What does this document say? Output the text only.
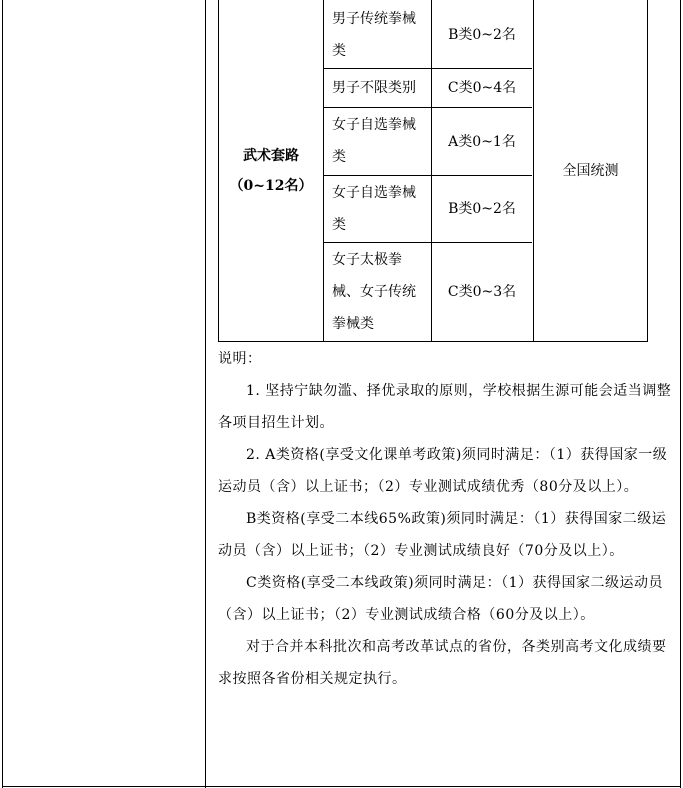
武术套路
（0~12名）
全国统测
男子传统拳械类
B类0~2名
男子不限类别	C类0~4名
女子自选拳械类
A类0~1名
女子自选拳械类
B类0~2名
女子太极拳械、女子传统拳械类
C类0~3名

说明：

1. 坚持宁缺勿滥、择优录取的原则，学校根据生源可能会适当调整各项目招生计划。

2. A类资格(享受文化课单考政策)须同时满足：（1）获得国家一级运动员（含）以上证书；（2）专业测试成绩优秀（80分及以上）。

B类资格(享受二本线65%政策)须同时满足：（1）获得国家二级运动员（含）以上证书；（2）专业测试成绩良好（70分及以上）。

C类资格(享受二本线政策)须同时满足：（1）获得国家二级运动员（含）以上证书；（2）专业测试成绩合格（60分及以上）。

对于合并本科批次和高考改革试点的省份，各类别高考文化成绩要求按照各省份相关规定执行。
